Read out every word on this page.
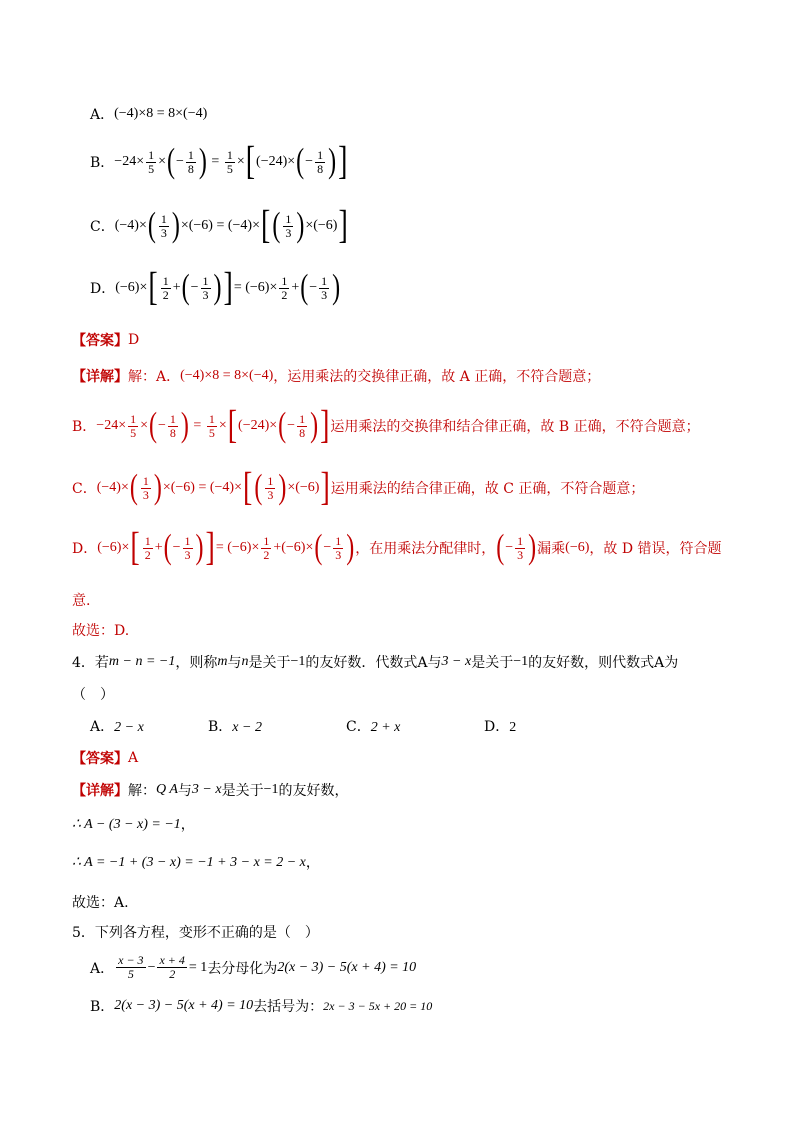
A． (−4)×8 = 8×(−4)
B． $-24\times \frac{1}{5}$ × ( − $\frac{1}{8}$ ) = $\frac{1}{5}$ × [ (−24)× ( − $\frac{1}{8}$ ) ]
C． (−4)× ( $\frac{1}{3}$ ) ×(−6) = (−4)× [ ( $\frac{1}{3}$ ) ×(−6) ]
D． (−6)× [ $\frac{1}{2}$ + ( − $\frac{1}{3}$ ) ] = $(-6)\times \frac{1}{2}$ + ( − $\frac{1}{3}$ )
【答案】 D
【详解】 解：A． (−4)×8 = 8×(−4) ，运用乘法的交换律正确，故 A 正确，不符合题意；
B． $-24\times \frac{1}{5}$ × ( − $\frac{1}{8}$ ) = $\frac{1}{5}$ × [ (−24)× ( − $\frac{1}{8}$ ) ] 运用乘法的交换律和结合律正确，故 B 正确，不符合题意；
C． (−4)× ( $\frac{1}{3}$ ) ×(−6) = (−4)× [ ( $\frac{1}{3}$ ) ×(−6) ] 运用乘法的结合律正确，故 C 正确，不符合题意；
D． (−6)× [ $\frac{1}{2}$ + ( − $\frac{1}{3}$ ) ] = $(-6)\times \frac{1}{2} +(-6)\times$ ( − $\frac{1}{3}$ ) ，在用乘法分配律时， ( − $\frac{1}{3}$ ) 漏乘 (−6) ，故 D 错误，符合题
意.
故选：D.
4．若 m − n = −1 ，则称 m 与 n 是关于 −1 的友好数．代数式A与 3 − x 是关于 −1 的友好数，则代数式A为
（　）
A．2 − x	B．x − 2	C．2 + x	D．2
【答案】 A
【详解】 解： Q A 与 3 − x 是关于 −1 的友好数，
∴ A − (3 − x) = −1 ，
∴ A = −1 + (3 − x) = −1 + 3 − x = 2 − x ，
故选：A.
5．下列各方程，变形不正确的是（　）
A． $\frac{x - 3}{5} - \frac{x + 4}{2} = 1$ 去分母化为 2(x − 3) − 5(x + 4) = 10
B． 2(x − 3) − 5(x + 4) = 10 去括号为： 2x − 3 − 5x + 20 = 10
